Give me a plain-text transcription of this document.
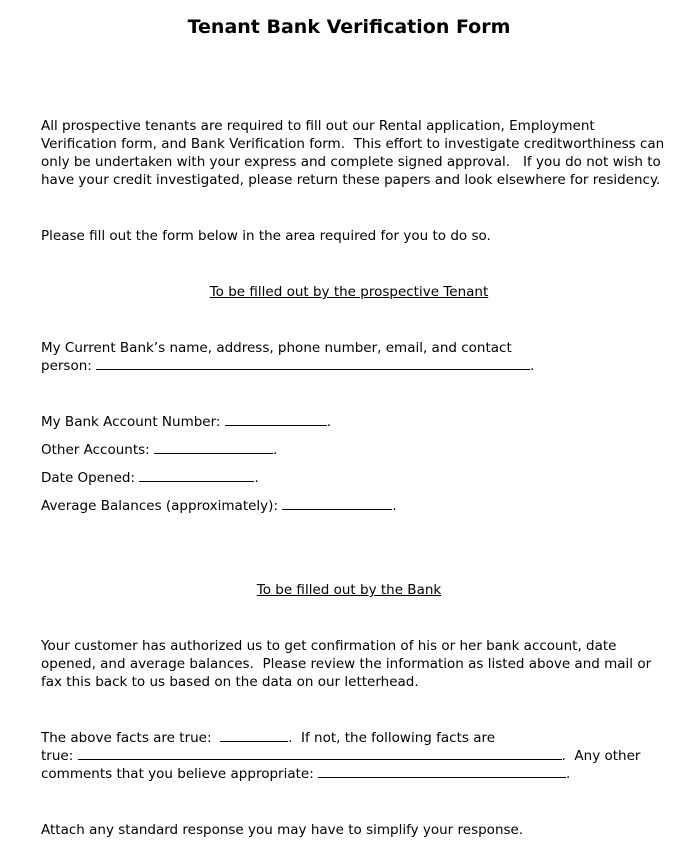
Tenant Bank Verification Form
All prospective tenants are required to fill out our Rental application, Employment
Verification form, and Bank Verification form.  This effort to investigate creditworthiness can
only be undertaken with your express and complete signed approval.   If you do not wish to
have your credit investigated, please return these papers and look elsewhere for residency.
Please fill out the form below in the area required for you to do so.
To be filled out by the prospective Tenant
My Current Bank’s name, address, phone number, email, and contact
person:	.
My Bank Account Number:	.
Other Accounts:	.
Date Opened:	.
Average Balances (approximately):	.
To be filled out by the Bank
Your customer has authorized us to get confirmation of his or her bank account, date
opened, and average balances.  Please review the information as listed above and mail or
fax this back to us based on the data on our letterhead.
The above facts are true:	.  If not, the following facts are
true:	.  Any other
comments that you believe appropriate:	.
Attach any standard response you may have to simplify your response.
